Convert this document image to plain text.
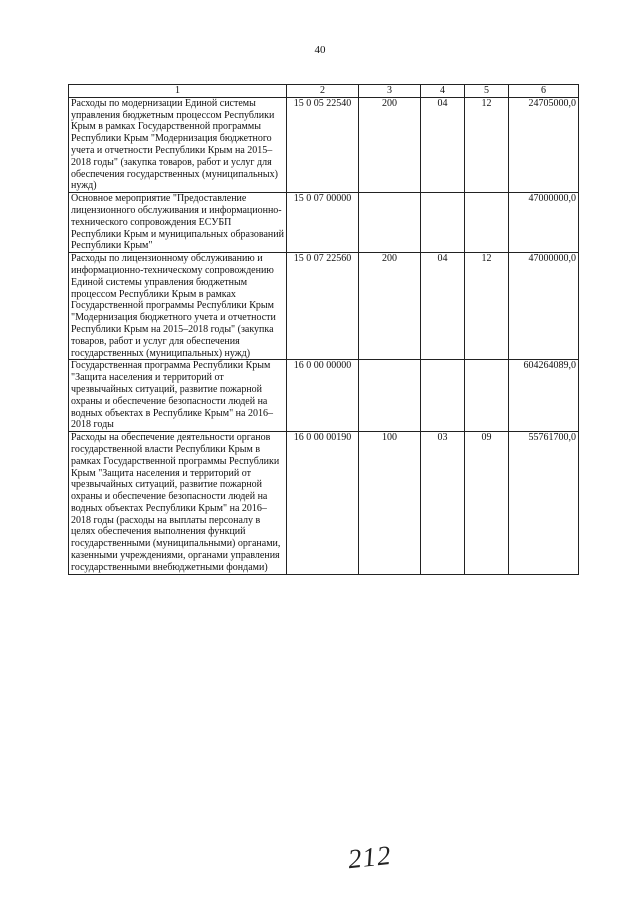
40
1	2	3	4	5	6
Расходы по модернизации Единой системы управления бюджетным процессом Республики Крым в рамках Государственной программы Республики Крым "Модернизация бюджетного учета и отчетности Республики Крым на 2015–2018 годы" (закупка товаров, работ и услуг для обеспечения государственных (муниципальных) нужд)	15 0 05 22540	200	04	12	24705000,0
Основное мероприятие "Предоставление лицензионного обслуживания и информационно-технического сопровождения ЕСУБП Республики Крым и муниципальных образований Республики Крым"	15 0 07 00000				47000000,0
Расходы по лицензионному обслуживанию и информационно-техническому сопровождению Единой системы управления бюджетным процессом Республики Крым в рамках Государственной программы Республики Крым "Модернизация бюджетного учета и отчетности Республики Крым на 2015–2018 годы" (закупка товаров, работ и услуг для обеспечения государственных (муниципальных) нужд)	15 0 07 22560	200	04	12	47000000,0
Государственная программа Республики Крым "Защита населения и территорий от чрезвычайных ситуаций, развитие пожарной охраны и обеспечение безопасности людей на водных объектах в Республике Крым" на 2016–2018 годы	16 0 00 00000				604264089,0
Расходы на обеспечение деятельности органов государственной власти Республики Крым в рамках Государственной программы Республики Крым "Защита населения и территорий от чрезвычайных ситуаций, развитие пожарной охраны и обеспечение безопасности людей на водных объектах Республики Крым" на 2016–2018 годы (расходы на выплаты персоналу в целях обеспечения выполнения функций государственными (муниципальными) органами, казенными учреждениями, органами управления государственными внебюджетными фондами)	16 0 00 00190	100	03	09	55761700,0
212
